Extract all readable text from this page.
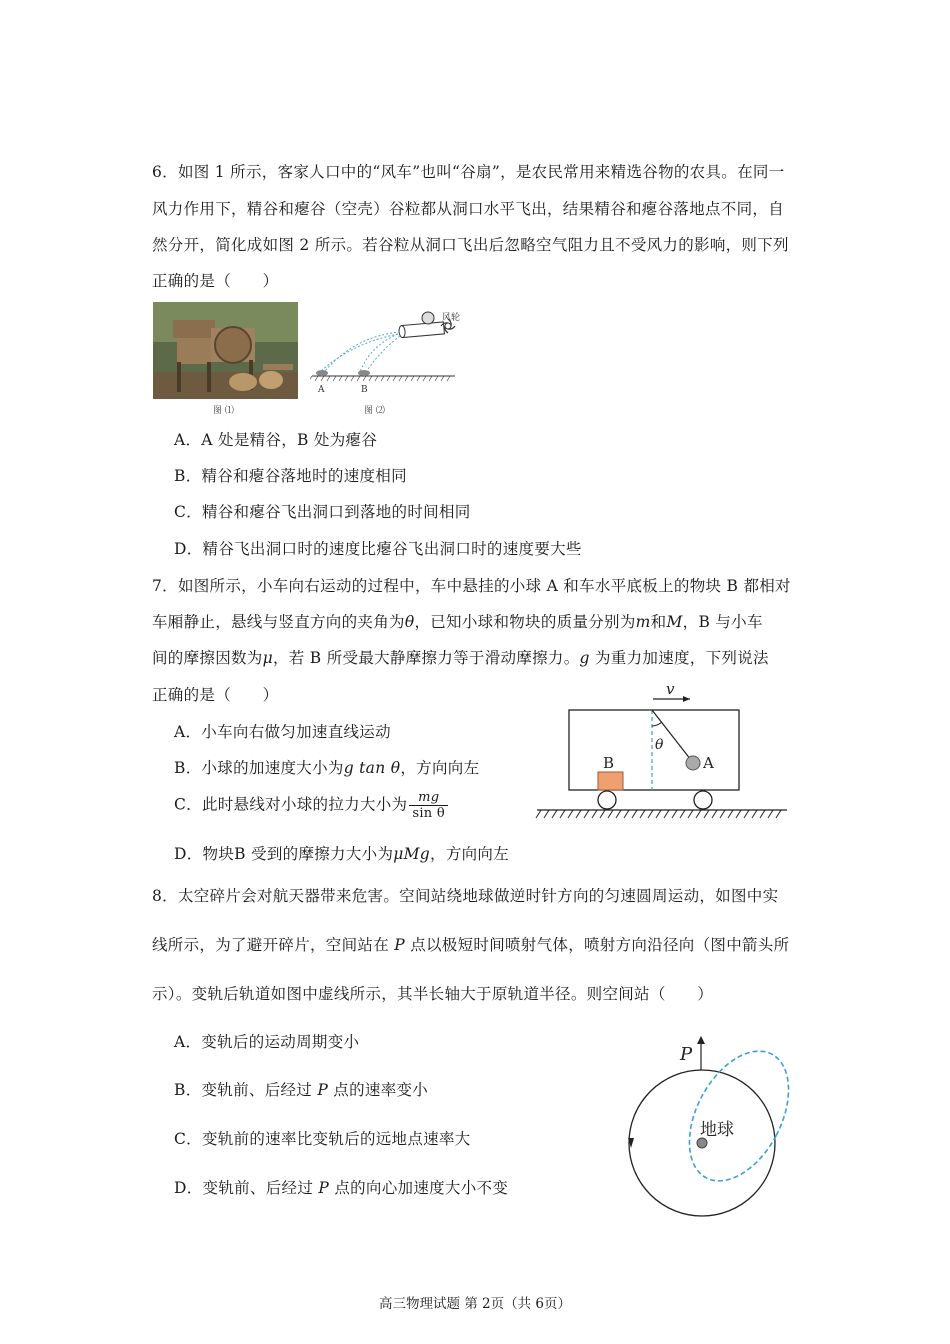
6．如图 1 所示，客家人口中的“风车”也叫“谷扇”，是农民常用来精选谷物的农具。在同一
风力作用下，精谷和瘪谷（空壳）谷粒都从洞口水平飞出，结果精谷和瘪谷落地点不同，自
然分开，简化成如图 2 所示。若谷粒从洞口飞出后忽略空气阻力且不受风力的影响，则下列
正确的是（　　）
图 ⑴
风轮
A	B
图 ⑵
A．A 处是精谷，B 处为瘪谷
B．精谷和瘪谷落地时的速度相同
C．精谷和瘪谷飞出洞口到落地的时间相同
D．精谷飞出洞口时的速度比瘪谷飞出洞口时的速度要大些
7．如图所示，小车向右运动的过程中，车中悬挂的小球 A 和车水平底板上的物块 B 都相对
车厢静止，悬线与竖直方向的夹角为θ，已知小球和物块的质量分别为m和M，B 与小车
间的摩擦因数为μ，若 B 所受最大静摩擦力等于滑动摩擦力。g 为重力加速度，下列说法
正确的是（　　）
A．小车向右做匀加速直线运动
B．小球的加速度大小为g tan θ，方向向左
C．此时悬线对小球的拉力大小为 $\frac{mg}{\text{sin θ}}$
D．物块B 受到的摩擦力大小为μMg，方向向左
v
θ
A
B
8．太空碎片会对航天器带来危害。空间站绕地球做逆时针方向的匀速圆周运动，如图中实
线所示，为了避开碎片，空间站在 P 点以极短时间喷射气体，喷射方向沿径向（图中箭头所
示）。变轨后轨道如图中虚线所示，其半长轴大于原轨道半径。则空间站（　　）
A．变轨后的运动周期变小
B．变轨前、后经过 P 点的速率变小
C．变轨前的速率比变轨后的远地点速率大
D．变轨前、后经过 P 点的向心加速度大小不变
P
地球
高三物理试题 第 2页（共 6页）
